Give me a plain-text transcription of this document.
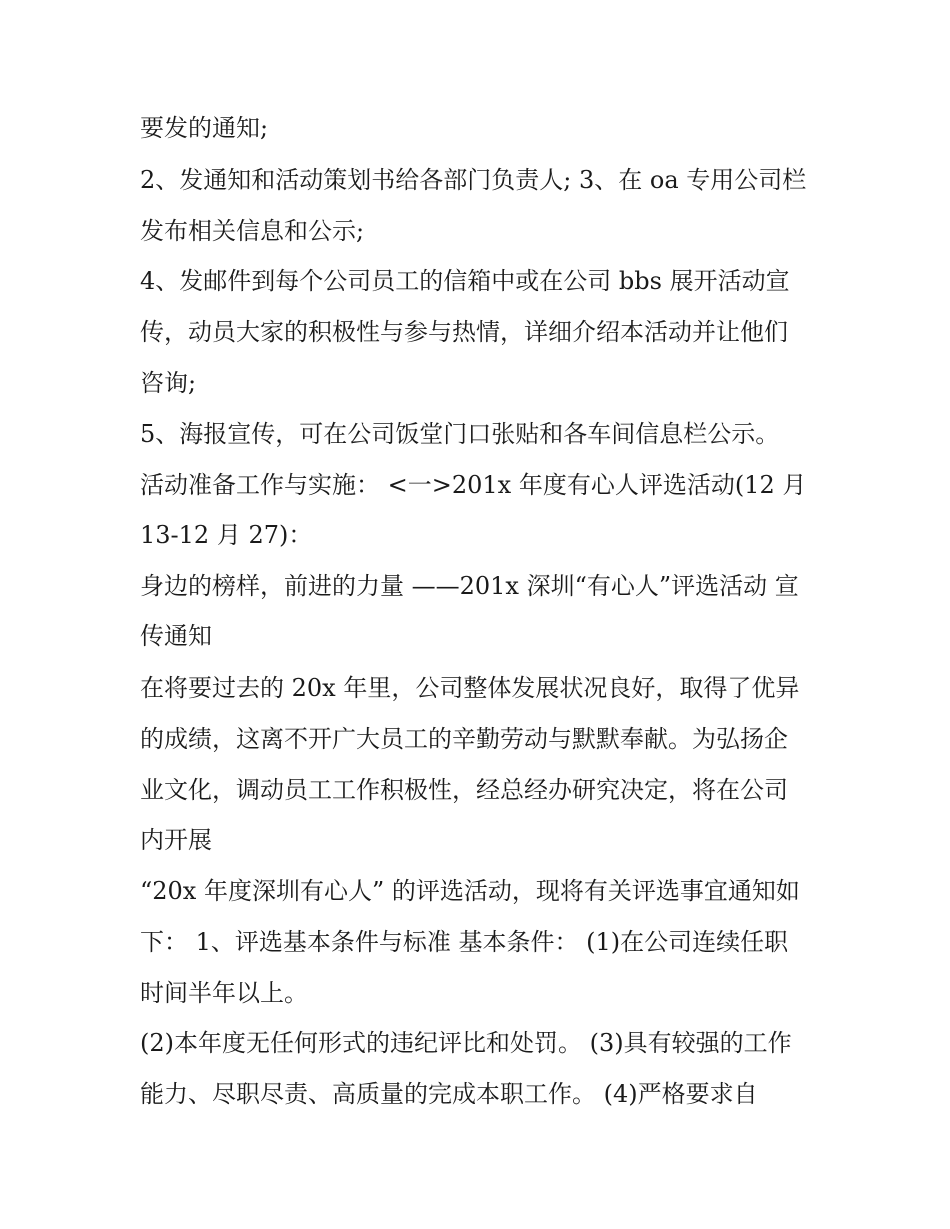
要发的通知;
2、发通知和活动策划书给各部门负责人; 3、在 oa 专用公司栏
发布相关信息和公示;
4、发邮件到每个公司员工的信箱中或在公司 bbs 展开活动宣
传，动员大家的积极性与参与热情，详细介绍本活动并让他们
咨询;
5、海报宣传，可在公司饭堂门口张贴和各车间信息栏公示。
活动准备工作与实施： <一>201x 年度有心人评选活动(12 月
13-12 月 27)：
身边的榜样，前进的力量 ——201x 深圳“有心人”评选活动 宣
传通知
在将要过去的 20x 年里，公司整体发展状况良好，取得了优异
的成绩，这离不开广大员工的辛勤劳动与默默奉献。为弘扬企
业文化，调动员工工作积极性，经总经办研究决定，将在公司
内开展
“20x 年度深圳有心人” 的评选活动，现将有关评选事宜通知如
下： 1、评选基本条件与标准 基本条件： (1)在公司连续任职
时间半年以上。
(2)本年度无任何形式的违纪评比和处罚。 (3)具有较强的工作
能力、尽职尽责、高质量的完成本职工作。 (4)严格要求自
